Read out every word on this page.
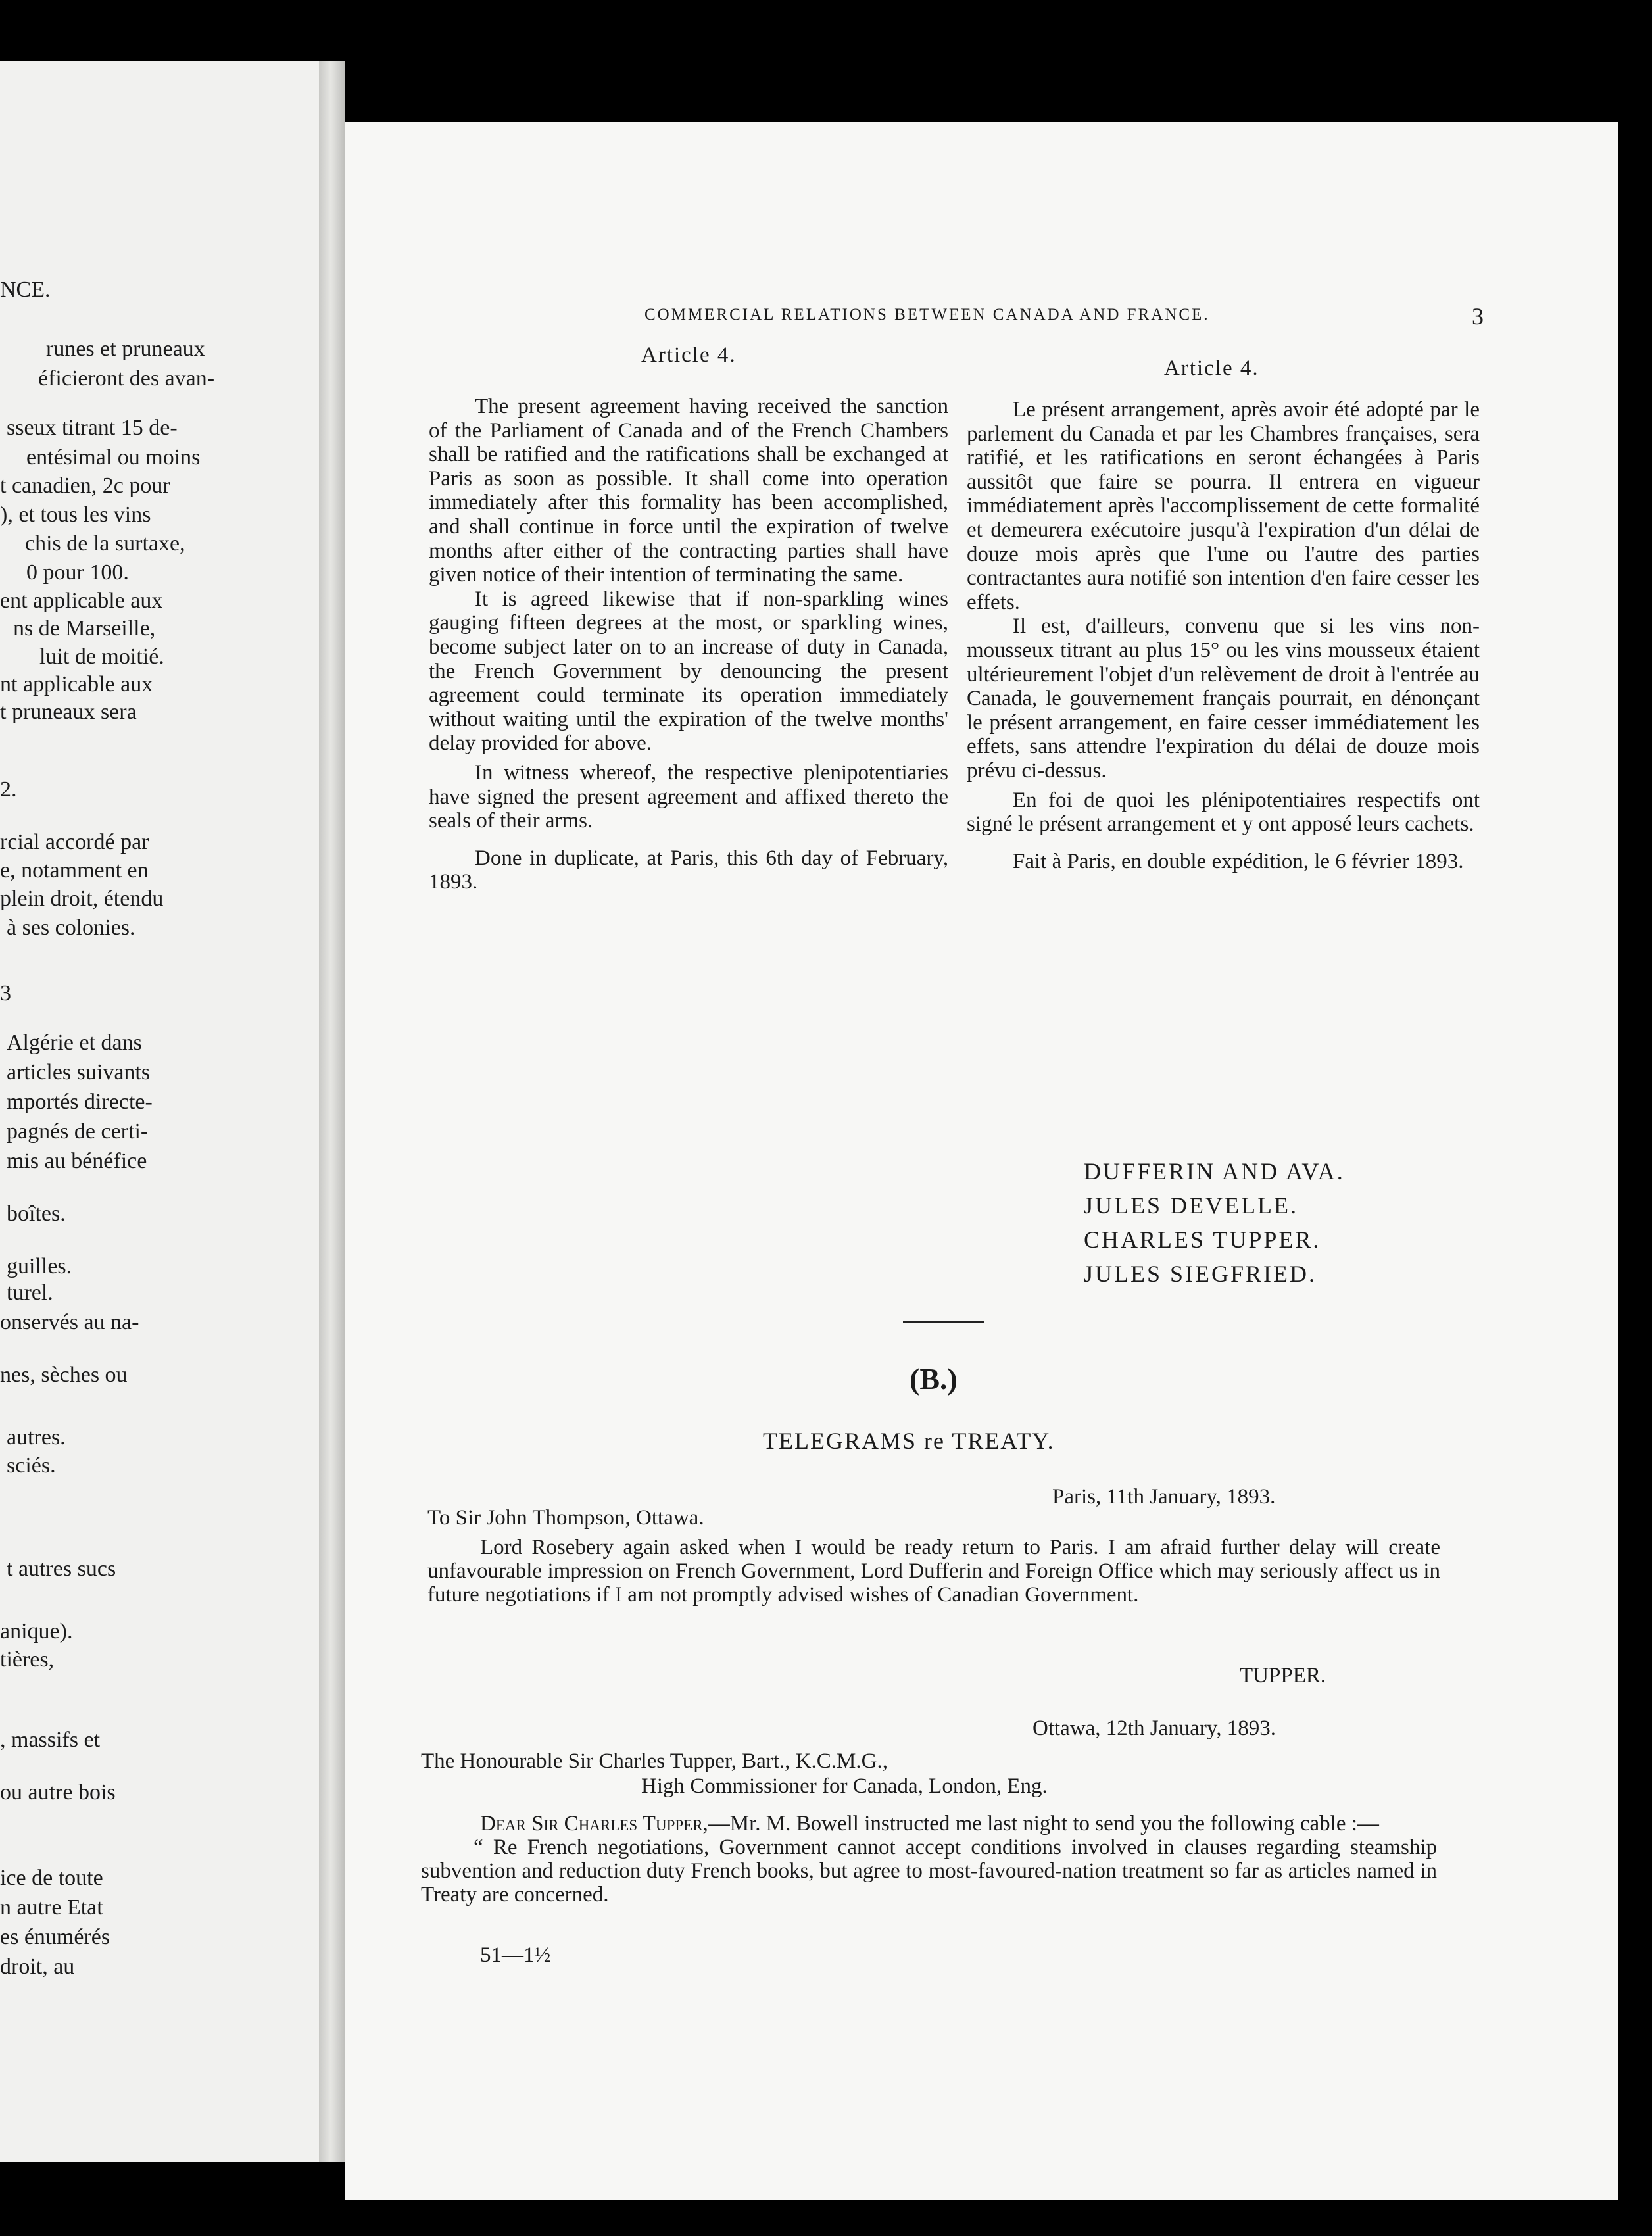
NCE.
runes et pruneaux
éficieront des avan-
sseux titrant 15 de-
entésimal ou moins
t canadien, 2c pour
), et tous les vins
chis de la surtaxe,
0 pour 100.
ent applicable aux
ns de Marseille,
luit de moitié.
nt applicable aux
t pruneaux sera
2.
rcial accordé par
e, notamment en
plein droit, étendu
à ses colonies.
3
Algérie et dans
articles suivants
mportés directe-
pagnés de certi-
mis au bénéfice
boîtes.
guilles.
turel.
onservés au na-
nes, sèches ou
autres.
sciés.
t autres sucs
anique).
tières,
, massifs et
ou autre bois
ice de toute
n autre Etat
es énumérés
droit, au
COMMERCIAL RELATIONS BETWEEN CANADA AND FRANCE.	3
Article 4.

The present agreement having received the sanction of the Parliament of Canada and of the French Chambers shall be ratified and the ratifications shall be exchanged at Paris as soon as possible. It shall come into operation immediately after this formality has been accomplished, and shall continue in force until the expiration of twelve months after either of the contracting parties shall have given notice of their intention of terminating the same.

It is agreed likewise that if non-sparkling wines gauging fifteen degrees at the most, or sparkling wines, become subject later on to an increase of duty in Canada, the French Government by denouncing the present agreement could terminate its operation immediately without waiting until the expiration of the twelve months' delay provided for above.

In witness whereof, the respective plenipotentiaries have signed the present agreement and affixed thereto the seals of their arms.

Done in duplicate, at Paris, this 6th day of February, 1893.

Article 4.

Le présent arrangement, après avoir été adopté par le parlement du Canada et par les Chambres françaises, sera ratifié, et les ratifications en seront échangées à Paris aussitôt que faire se pourra. Il entrera en vigueur immédiatement après l'accomplissement de cette formalité et demeurera exécutoire jusqu'à l'expiration d'un délai de douze mois après que l'une ou l'autre des parties contractantes aura notifié son intention d'en faire cesser les effets.

Il est, d'ailleurs, convenu que si les vins non-mousseux titrant au plus 15° ou les vins mousseux étaient ultérieurement l'objet d'un relèvement de droit à l'entrée au Canada, le gouvernement français pourrait, en dénonçant le présent arrangement, en faire cesser immédiatement les effets, sans attendre l'expiration du délai de douze mois prévu ci-dessus.

En foi de quoi les plénipotentiaires respectifs ont signé le présent arrangement et y ont apposé leurs cachets.

Fait à Paris, en double expédition, le 6 février 1893.

DUFFERIN AND AVA.
JULES DEVELLE.
CHARLES TUPPER.
JULES SIEGFRIED.
(B.)
TELEGRAMS re TREATY.
Paris, 11th January, 1893.
To Sir John Thompson, Ottawa.

Lord Rosebery again asked when I would be ready return to Paris. I am afraid further delay will create unfavourable impression on French Government, Lord Dufferin and Foreign Office which may seriously affect us in future negotiations if I am not promptly advised wishes of Canadian Government.

TUPPER.
Ottawa, 12th January, 1893.
The Honourable Sir Charles Tupper, Bart., K.C.M.G.,
High Commissioner for Canada, London, Eng.

Dear Sir Charles Tupper,—Mr. M. Bowell instructed me last night to send you the following cable :—

“ Re French negotiations, Government cannot accept conditions involved in clauses regarding steamship subvention and reduction duty French books, but agree to most-favoured-nation treatment so far as articles named in Treaty are concerned.

51—1½
